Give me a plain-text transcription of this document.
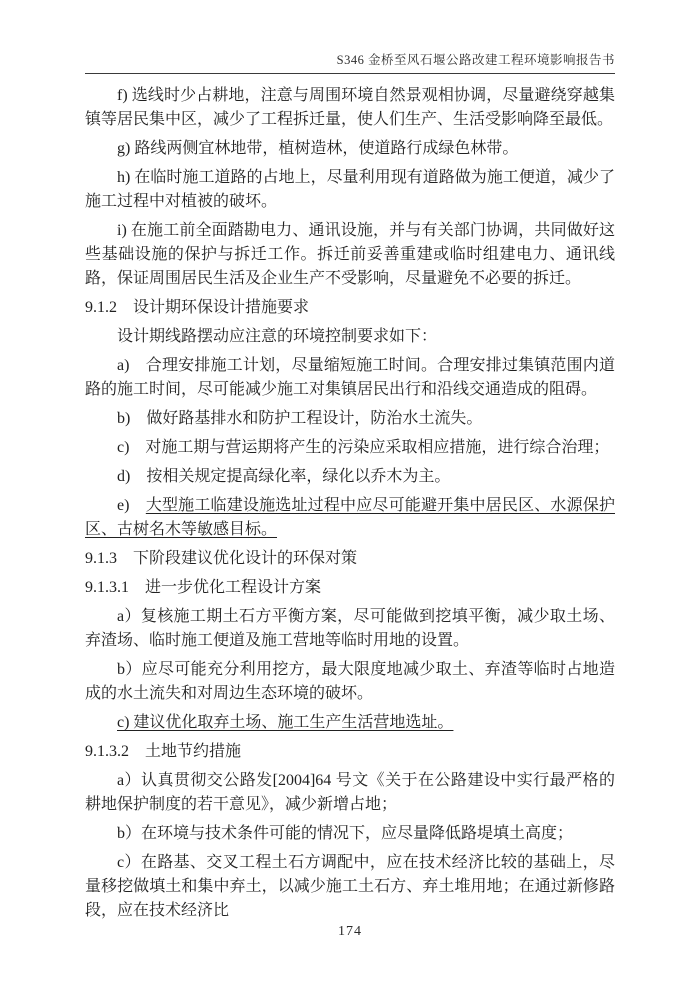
S346 金桥至风石堰公路改建工程环境影响报告书

f) 选线时少占耕地，注意与周围环境自然景观相协调，尽量避绕穿越集镇等居民集中区，减少了工程拆迁量，使人们生产、生活受影响降至最低。

g) 路线两侧宜林地带，植树造林，使道路行成绿色林带。

h) 在临时施工道路的占地上，尽量利用现有道路做为施工便道，减少了施工过程中对植被的破坏。

i) 在施工前全面踏勘电力、通讯设施，并与有关部门协调，共同做好这些基础设施的保护与拆迁工作。拆迁前妥善重建或临时组建电力、通讯线路，保证周围居民生活及企业生产不受影响，尽量避免不必要的拆迁。

9.1.2　设计期环保设计措施要求

设计期线路摆动应注意的环境控制要求如下：

a)　合理安排施工计划，尽量缩短施工时间。合理安排过集镇范围内道路的施工时间，尽可能减少施工对集镇居民出行和沿线交通造成的阻碍。

b)　做好路基排水和防护工程设计，防治水土流失。

c)　对施工期与营运期将产生的污染应采取相应措施，进行综合治理；

d)　按相关规定提高绿化率，绿化以乔木为主。

e)　大型施工临建设施选址过程中应尽可能避开集中居民区、水源保护区、古树名木等敏感目标。

9.1.3　下阶段建议优化设计的环保对策

9.1.3.1　进一步优化工程设计方案

a）复核施工期土石方平衡方案，尽可能做到挖填平衡，减少取土场、弃渣场、临时施工便道及施工营地等临时用地的设置。

b）应尽可能充分利用挖方，最大限度地减少取土、弃渣等临时占地造成的水土流失和对周边生态环境的破坏。

c) 建议优化取弃土场、施工生产生活营地选址。

9.1.3.2　土地节约措施

a）认真贯彻交公路发[2004]64 号文《关于在公路建设中实行最严格的耕地保护制度的若干意见》，减少新增占地；

b）在环境与技术条件可能的情况下，应尽量降低路堤填土高度；

c）在路基、交叉工程土石方调配中，应在技术经济比较的基础上，尽量移挖做填土和集中弃土，以减少施工土石方、弃土堆用地；在通过新修路段，应在技术经济比

174
